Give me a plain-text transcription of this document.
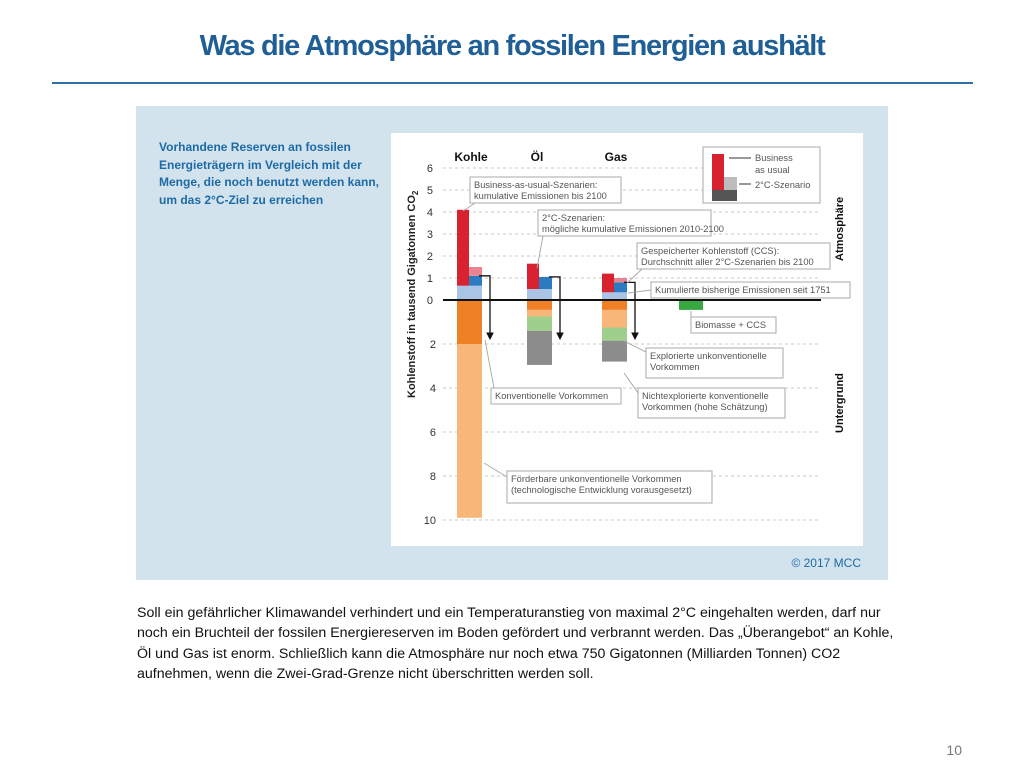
Was die Atmosphäre an fossilen Energien aushält
Vorhandene Reserven an fossilen Energieträgern im Vergleich mit der Menge, die noch benutzt werden kann, um das 2°C-Ziel zu erreichen
0
1
2
3
4
5
6
2
4
6
8
10
Kohlenstoff in tausend Gigatonnen $CO_2$
Kohle	Öl	Gas
Business-as-usual-Szenarien:
kumulative Emissionen bis 2100
2°C-Szenarien:
mögliche kumulative Emissionen 2010-2100
Gespeicherter Kohlenstoff (CCS):
Durchschnitt aller 2°C-Szenarien bis 2100
Kumulierte bisherige Emissionen seit 1751
Biomasse + CCS
Explorierte unkonventionelle
Vorkommen
Konventionelle Vorkommen	Nichtexplorierte konventionelle
Vorkommen (hohe Schätzung)
Förderbare unkonventionelle Vorkommen
(technologische Entwicklung vorausgesetzt)
Business
as usual
2°C-Szenario
Atmosphäre
Untergrund
© 2017 MCC
Soll ein gefährlicher Klimawandel verhindert und ein Temperaturanstieg von maximal 2°C eingehalten werden, darf nur noch ein Bruchteil der fossilen Energiereserven im Boden gefördert und verbrannt werden. Das „Überangebot“ an Kohle, Öl und Gas ist enorm. Schließlich kann die Atmosphäre nur noch etwa 750 Gigatonnen (Milliarden Tonnen) CO2 aufnehmen, wenn die Zwei-Grad-Grenze nicht überschritten werden soll.
10
